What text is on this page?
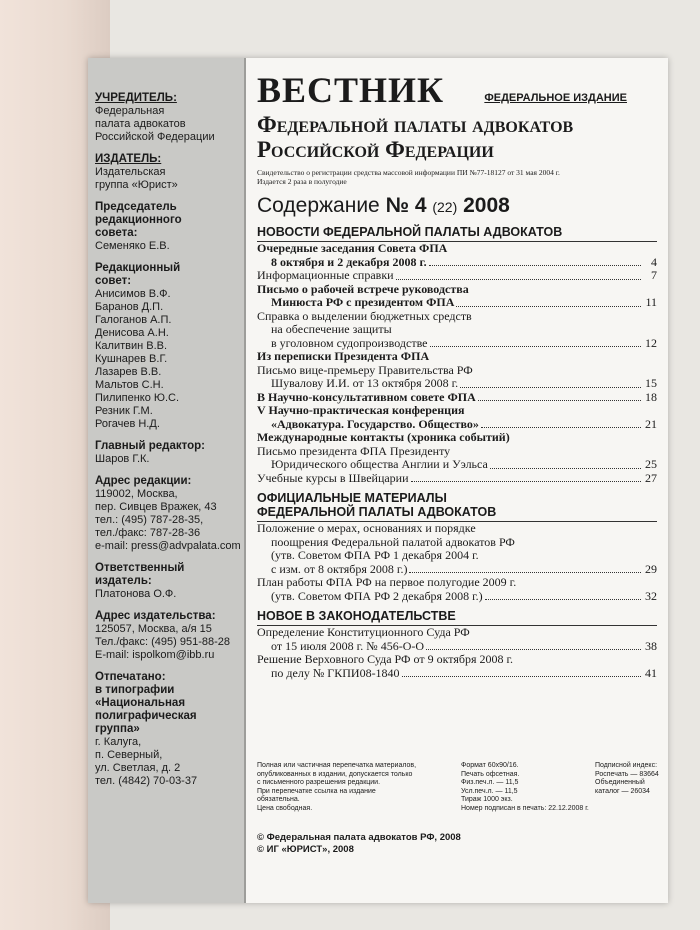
УЧРЕДИТЕЛЬ:
Федеральная
палата адвокатов
Российской Федерации
ИЗДАТЕЛЬ:
Издательская
группа «Юрист»
Председатель
редакционного
совета:
Семеняко Е.В.
Редакционный
совет:
Анисимов В.Ф.
Баранов Д.П.
Галоганов А.П.
Денисова А.Н.
Калитвин В.В.
Кушнарев В.Г.
Лазарев В.В.
Мальтов С.Н.
Пилипенко Ю.С.
Резник Г.М.
Рогачев Н.Д.
Главный редактор:
Шаров Г.К.
Адрес редакции:
119002, Москва,
пер. Сивцев Вражек, 43
тел.: (495) 787-28-35,
тел./факс: 787-28-36
e-mail: press@advpalata.com
Ответственный
издатель:
Платонова О.Ф.
Адрес издательства:
125057, Москва, а/я 15
Тел./факс: (495) 951-88-28
E-mail: ispolkom@ibb.ru
Отпечатано:
в типографии
«Национальная
полиграфическая
группа»
г. Калуга,
п. Северный,
ул. Светлая, д. 2
тел. (4842) 70-03-37
ФЕДЕРАЛЬНОЕ ИЗДАНИЕ
ВЕСТНИК
Федеральной палаты адвокатов
Российской Федерации
Свидетельство о регистрации средства массовой информации ПИ №77-18127 от 31 мая 2004 г.
Издается 2 раза в полугодие
Содержание № 4 (22) 2008
НОВОСТИ ФЕДЕРАЛЬНОЙ ПАЛАТЫ АДВОКАТОВ
Очередные заседания Совета ФПА
8 октября и 2 декабря 2008 г.	4
Информационные справки	7
Письмо о рабочей встрече руководства
Минюста РФ с президентом ФПА	11
Справка о выделении бюджетных средств
на обеспечение защиты
в уголовном судопроизводстве	12
Из переписки Президента ФПА
Письмо вице-премьеру Правительства РФ
Шувалову И.И. от 13 октября 2008 г.	15
В Научно-консультативном совете ФПА	18
V Научно-практическая конференция
«Адвокатура. Государство. Общество»	21
Международные контакты (хроника событий)
Письмо президента ФПА Президенту
Юридического общества Англии и Уэльса	25
Учебные курсы в Швейцарии	27
ОФИЦИАЛЬНЫЕ МАТЕРИАЛЫ
ФЕДЕРАЛЬНОЙ ПАЛАТЫ АДВОКАТОВ
Положение о мерах, основаниях и порядке
поощрения Федеральной палатой адвокатов РФ
(утв. Советом ФПА РФ 1 декабря 2004 г.
с изм. от 8 октября 2008 г.)	29
План работы ФПА РФ на первое полугодие 2009 г.
(утв. Советом ФПА РФ 2 декабря 2008 г.)	32
НОВОЕ В ЗАКОНОДАТЕЛЬСТВЕ
Определение Конституционного Суда РФ
от 15 июля 2008 г. № 456-О-О	38
Решение Верховного Суда РФ от 9 октября 2008 г.
по делу № ГКПИ08-1840	41
Полная или частичная перепечатка материалов,
опубликованных в издании, допускается только
с письменного разрешения редакции.
При перепечатке ссылка на издание
обязательна.
Цена свободная.
Формат 60х90/16.
Печать офсетная.
Физ.печ.л. — 11,5
Усл.печ.л. — 11,5
Тираж 1000 экз.
Номер подписан в печать: 22.12.2008 г.
Подписной индекс:
Роспечать — 83664
Объединенный
каталог — 26034
© Федеральная палата адвокатов РФ, 2008
© ИГ «ЮРИСТ», 2008
